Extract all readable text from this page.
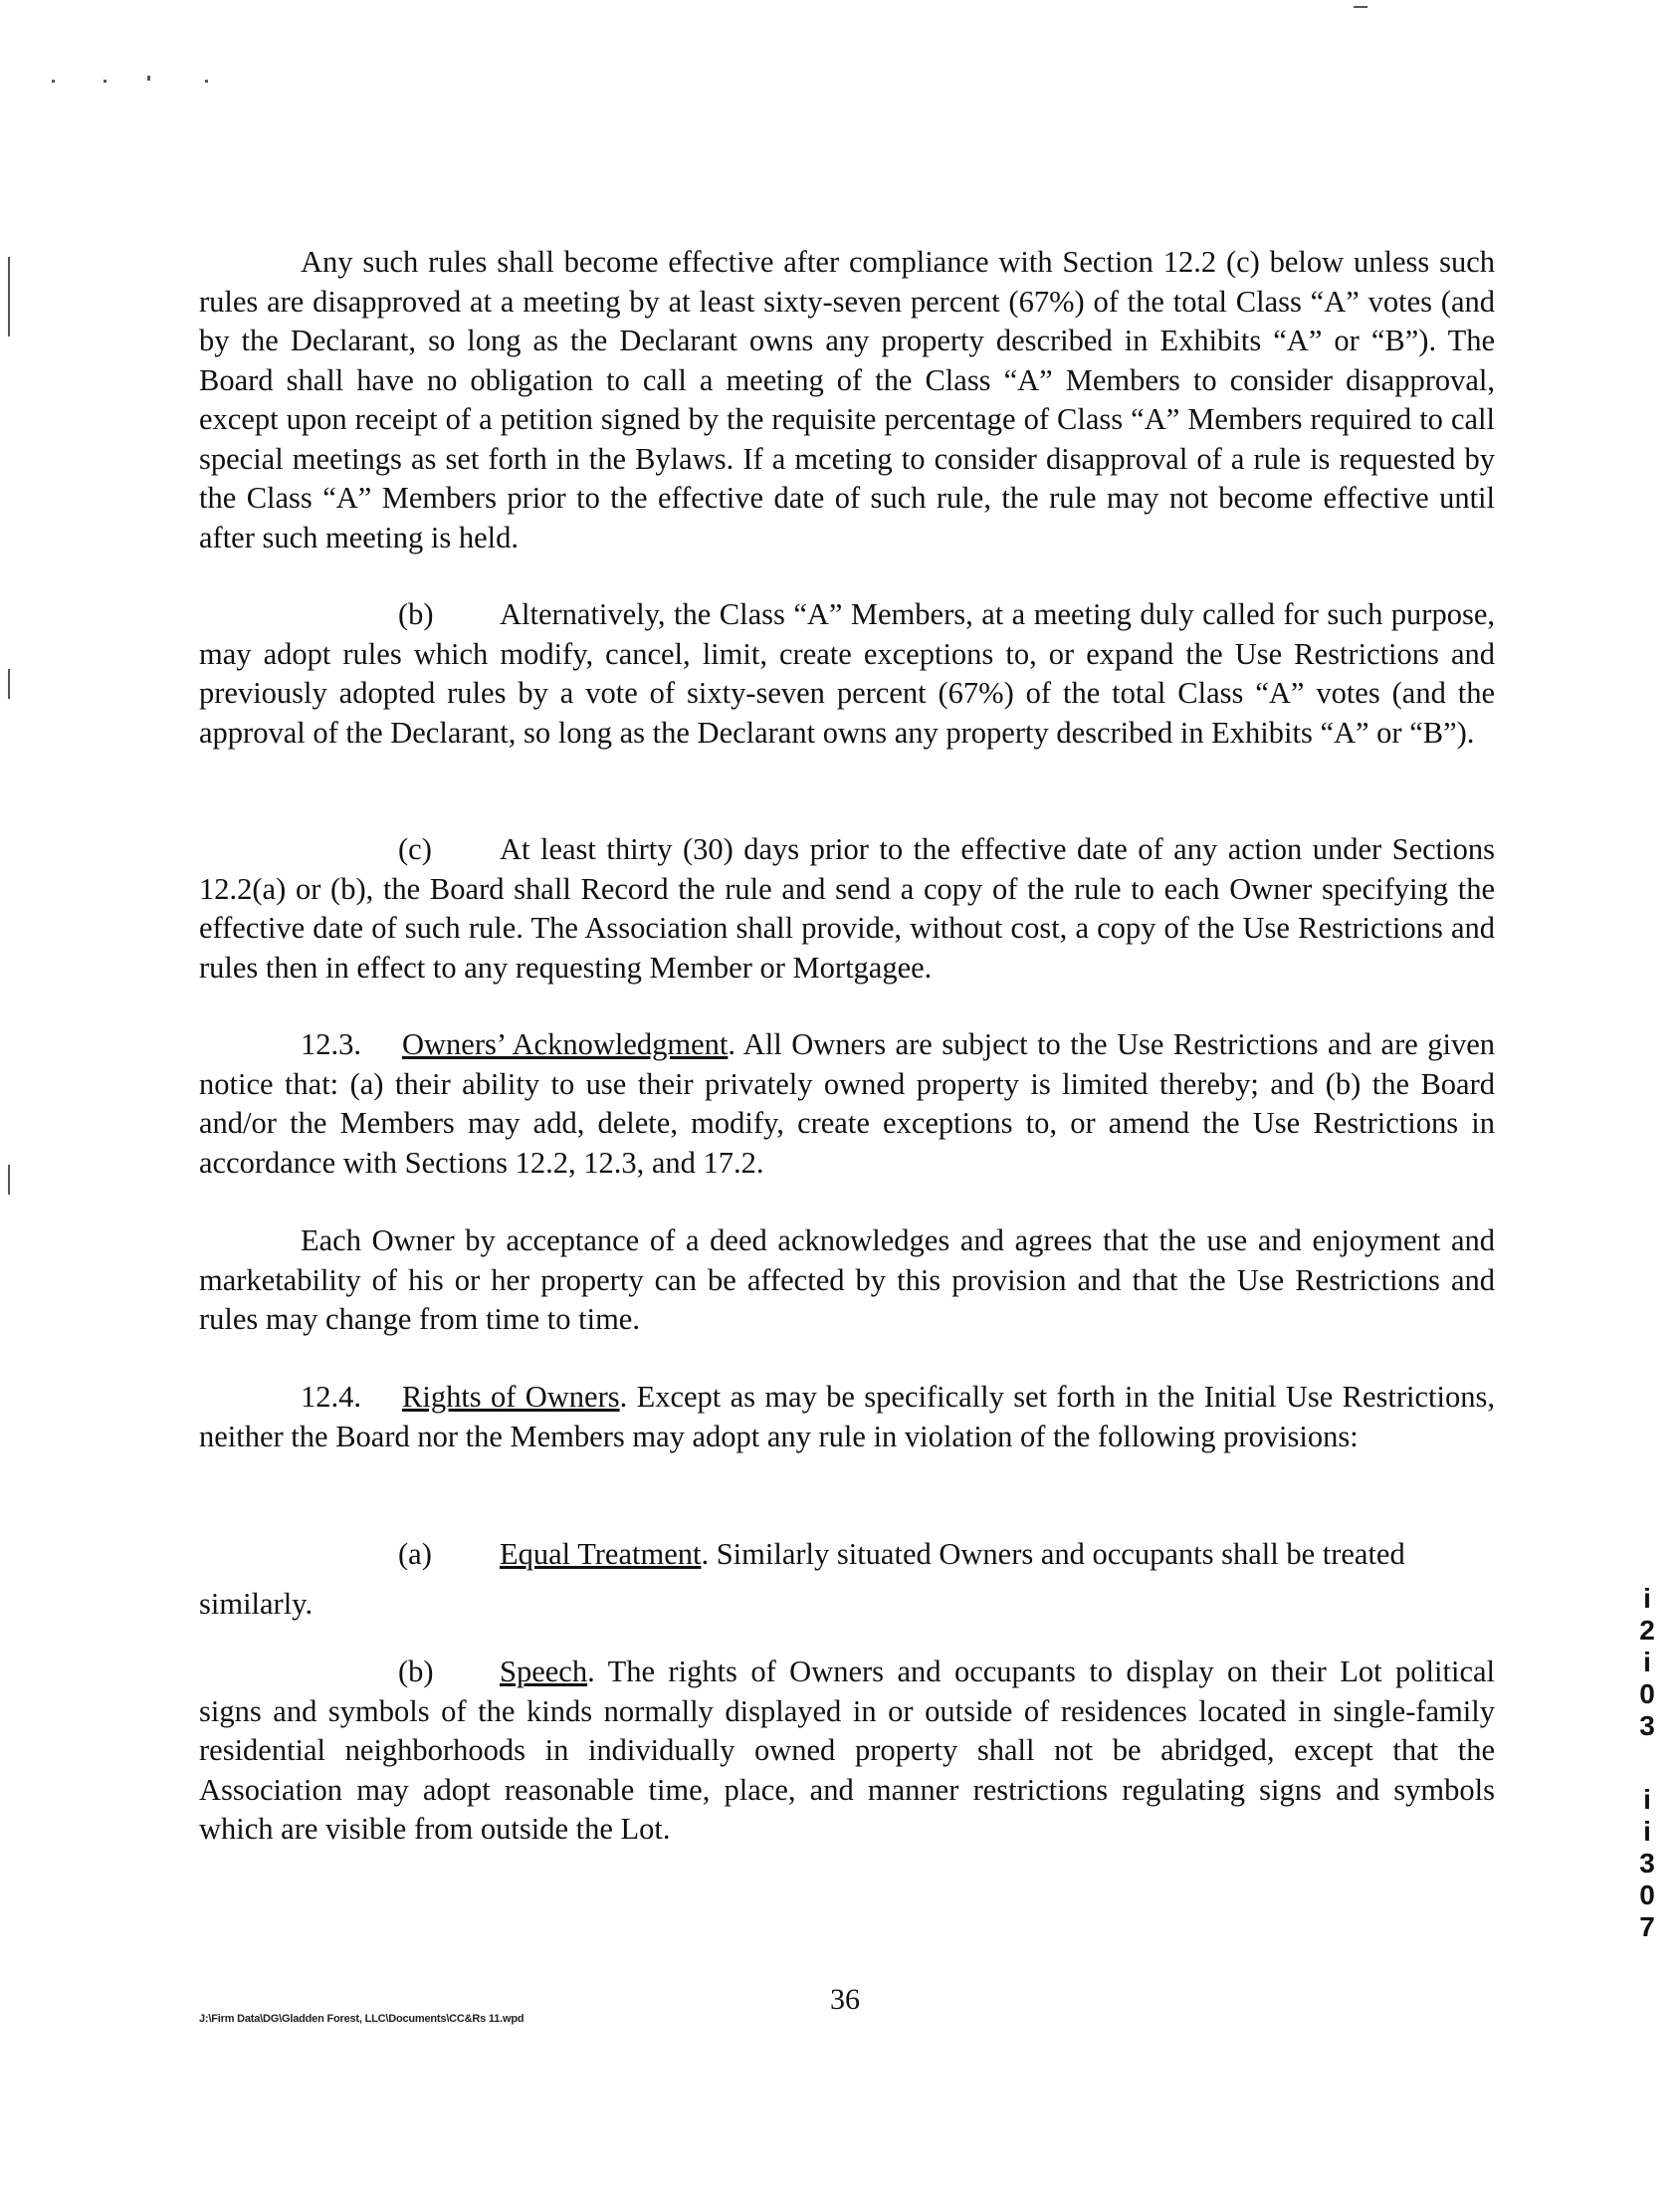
Any such rules shall become effective after compliance with Section 12.2 (c) below unless such rules are disapproved at a meeting by at least sixty-seven percent (67%) of the total Class “A” votes (and by the Declarant, so long as the Declarant owns any property described in Exhibits “A” or “B”). The Board shall have no obligation to call a meeting of the Class “A” Members to consider disapproval, except upon receipt of a petition signed by the requisite percentage of Class “A” Members required to call special meetings as set forth in the Bylaws. If a mceting to consider disapproval of a rule is requested by the Class “A” Members prior to the effective date of such rule, the rule may not become effective until after such meeting is held.

(b) Alternatively, the Class “A” Members, at a meeting duly called for such purpose, may adopt rules which modify, cancel, limit, create exceptions to, or expand the Use Restrictions and previously adopted rules by a vote of sixty-seven percent (67%) of the total Class “A” votes (and the approval of the Declarant, so long as the Declarant owns any property described in Exhibits “A” or “B”).

(c) At least thirty (30) days prior to the effective date of any action under Sections 12.2(a) or (b), the Board shall Record the rule and send a copy of the rule to each Owner specifying the effective date of such rule. The Association shall provide, without cost, a copy of the Use Restrictions and rules then in effect to any requesting Member or Mortgagee.

12.3. Owners’ Acknowledgment. All Owners are subject to the Use Restrictions and are given notice that: (a) their ability to use their privately owned property is limited thereby; and (b) the Board and/or the Members may add, delete, modify, create exceptions to, or amend the Use Restrictions in accordance with Sections 12.2, 12.3, and 17.2.

Each Owner by acceptance of a deed acknowledges and agrees that the use and enjoyment and marketability of his or her property can be affected by this provision and that the Use Restrictions and rules may change from time to time.

12.4. Rights of Owners. Except as may be specifically set forth in the Initial Use Restrictions, neither the Board nor the Members may adopt any rule in violation of the following provisions:

(a) Equal Treatment. Similarly situated Owners and occupants shall be treated
similarly.

(b) Speech. The rights of Owners and occupants to display on their Lot political signs and symbols of the kinds normally displayed in or outside of residences located in single-family residential neighborhoods in individually owned property shall not be abridged, except that the Association may adopt reasonable time, place, and manner restrictions regulating signs and symbols which are visible from outside the Lot.

J:\Firm Data\DG\Gladden Forest, LLC\Documents\CC&Rs 11.wpd
36
i
2
i
0
3
i
i
3
0
7
